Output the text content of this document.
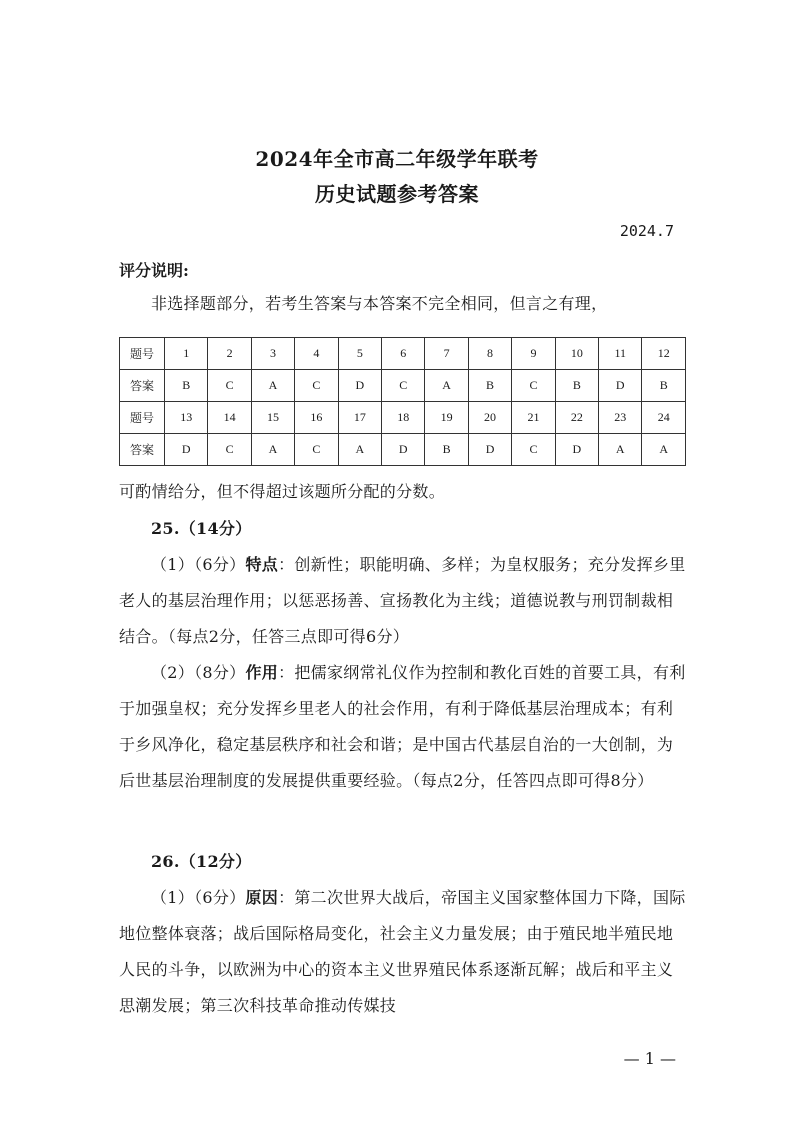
2024年全市高二年级学年联考
历史试题参考答案
2024.7
评分说明:
非选择题部分，若考生答案与本答案不完全相同，但言之有理，
题号	1	2	3	4	5	6	7	8	9	10	11	12
答案	B	C	A	C	D	C	A	B	C	B	D	B
题号	13	14	15	16	17	18	19	20	21	22	23	24
答案	D	C	A	C	A	D	B	D	C	D	A	A
可酌情给分，但不得超过该题所分配的分数。
25.（14分）
（1）（6分）特点：创新性；职能明确、多样；为皇权服务；充分发挥乡里老人的基层治理作用；以惩恶扬善、宣扬教化为主线；道德说教与刑罚制裁相结合。（每点2分，任答三点即可得6分）
（2）（8分）作用：把儒家纲常礼仪作为控制和教化百姓的首要工具，有利于加强皇权；充分发挥乡里老人的社会作用，有利于降低基层治理成本；有利于乡风净化，稳定基层秩序和社会和谐；是中国古代基层自治的一大创制，为后世基层治理制度的发展提供重要经验。（每点2分，任答四点即可得8分）
26.（12分）
（1）（6分）原因：第二次世界大战后，帝国主义国家整体国力下降，国际地位整体衰落；战后国际格局变化，社会主义力量发展；由于殖民地半殖民地人民的斗争，以欧洲为中心的资本主义世界殖民体系逐渐瓦解；战后和平主义思潮发展；第三次科技革命推动传媒技
— 1 —
